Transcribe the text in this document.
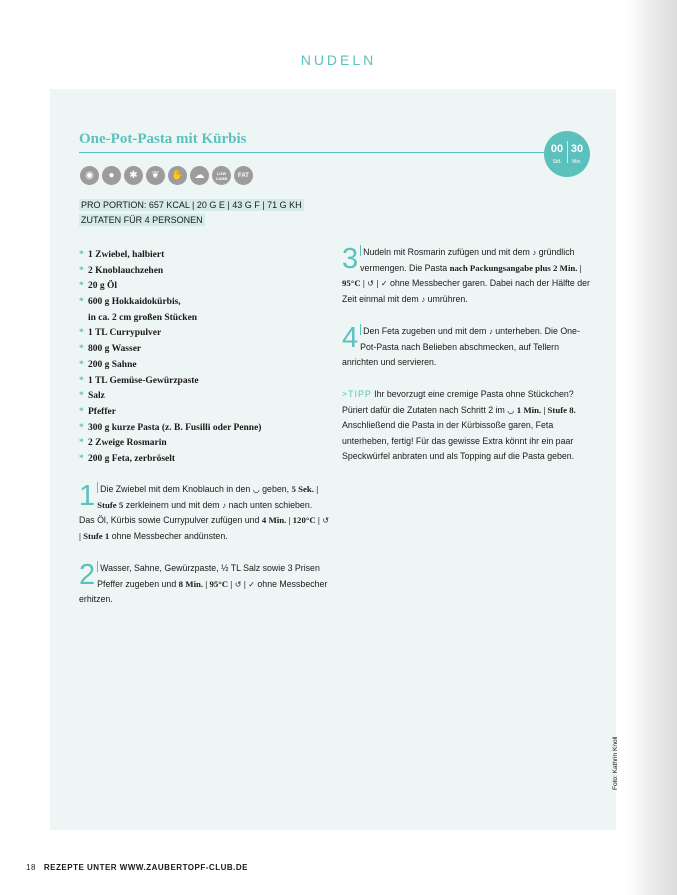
NUDELN
One-Pot-Pasta mit Kürbis
00 30
Std.	Min.
◉	●	✱	❦	✋	☁	LOW
CARB	FAT
PRO PORTION: 657 KCAL | 20 G E | 43 G F | 71 G KH
ZUTATEN FÜR 4 PERSONEN
* 1 Zwiebel, halbiert
* 2 Knoblauchzehen
* 20 g Öl
* 600 g Hokkaidokürbis,
in ca. 2 cm großen Stücken
* 1 TL Currypulver
* 800 g Wasser
* 200 g Sahne
* 1 TL Gemüse-Gewürzpaste
* Salz
* Pfeffer
* 300 g kurze Pasta (z. B. Fusilli oder Penne)
* 2 Zweige Rosmarin
* 200 g Feta, zerbröselt
1 Die Zwiebel mit dem Knoblauch in den ◡ geben, 5 Sek. | Stufe 5 zerkleinern und mit dem ♪ nach unten schieben. Das Öl, Kürbis sowie Currypulver zufügen und 4 Min. | 120°C | ↺ | Stufe 1 ohne Messbecher andünsten.
2 Wasser, Sahne, Gewürzpaste, ½ TL Salz sowie 3 Prisen Pfeffer zugeben und 8 Min. | 95°C | ↺ | ✓ ohne Messbecher erhitzen.
3 Nudeln mit Rosmarin zufügen und mit dem ♪ gründlich vermengen. Die Pasta nach Packungsangabe plus 2 Min. | 95°C | ↺ | ✓ ohne Messbecher garen. Dabei nach der Hälfte der Zeit einmal mit dem ♪ umrühren.
4 Den Feta zugeben und mit dem ♪ unterheben. Die One-Pot-Pasta nach Belieben abschmecken, auf Tellern anrichten und servieren.
>TIPP Ihr bevorzugt eine cremige Pasta ohne Stückchen? Püriert dafür die Zutaten nach Schritt 2 im ◡ 1 Min. | Stufe 8. Anschließend die Pasta in der Kürbissoße garen, Feta unterheben, fertig! Für das gewisse Extra könnt ihr ein paar Speckwürfel anbraten und als Topping auf die Pasta geben.
18 REZEPTE UNTER WWW.ZAUBERTOPF-CLUB.DE
Foto: Kathrin Knoll
